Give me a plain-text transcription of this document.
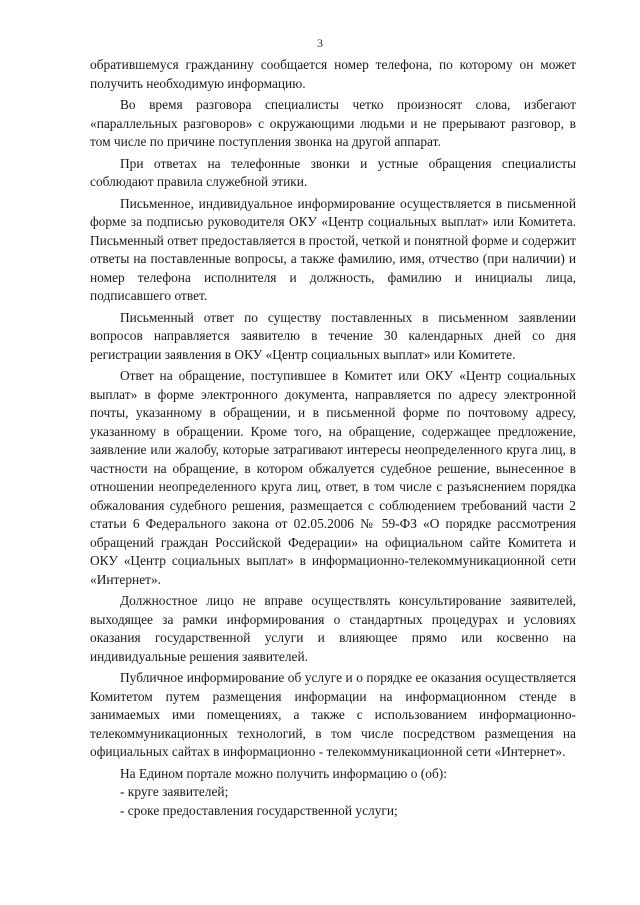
3

обратившемуся гражданину сообщается номер телефона, по которому он может получить необходимую информацию.

Во время разговора специалисты четко произносят слова, избегают «параллельных разговоров» с окружающими людьми и не прерывают разговор, в том числе по причине поступления звонка на другой аппарат.

При ответах на телефонные звонки и устные обращения специалисты соблюдают правила служебной этики.

Письменное, индивидуальное информирование осуществляется в письменной форме за подписью руководителя ОКУ «Центр социальных выплат» или Комитета. Письменный ответ предоставляется в простой, четкой и понятной форме и содержит ответы на поставленные вопросы, а также фамилию, имя, отчество (при наличии) и номер телефона исполнителя и должность, фамилию и инициалы лица, подписавшего ответ.

Письменный ответ по существу поставленных в письменном заявлении вопросов направляется заявителю в течение 30 календарных дней со дня регистрации заявления в ОКУ «Центр социальных выплат» или Комитете.

Ответ на обращение, поступившее в Комитет или ОКУ «Центр социальных выплат» в форме электронного документа, направляется по адресу электронной почты, указанному в обращении, и в письменной форме по почтовому адресу, указанному в обращении. Кроме того, на обращение, содержащее предложение, заявление или жалобу, которые затрагивают интересы неопределенного круга лиц, в частности на обращение, в котором обжалуется судебное решение, вынесенное в отношении неопределенного круга лиц, ответ, в том числе с разъяснением порядка обжалования судебного решения, размещается с соблюдением требований части 2 статьи 6 Федерального закона от 02.05.2006 № 59-ФЗ «О порядке рассмотрения обращений граждан Российской Федерации» на официальном сайте Комитета и ОКУ «Центр социальных выплат» в информационно-телекоммуникационной сети «Интернет».

Должностное лицо не вправе осуществлять консультирование заявителей, выходящее за рамки информирования о стандартных процедурах и условиях оказания государственной услуги и влияющее прямо или косвенно на индивидуальные решения заявителей.

Публичное информирование об услуге и о порядке ее оказания осуществляется Комитетом путем размещения информации на информационном стенде в занимаемых ими помещениях, а также с использованием информационно-телекоммуникационных технологий, в том числе посредством размещения на официальных сайтах в информационно - телекоммуникационной сети «Интернет».

На Едином портале можно получить информацию о (об):

- круге заявителей;
- сроке предоставления государственной услуги;
